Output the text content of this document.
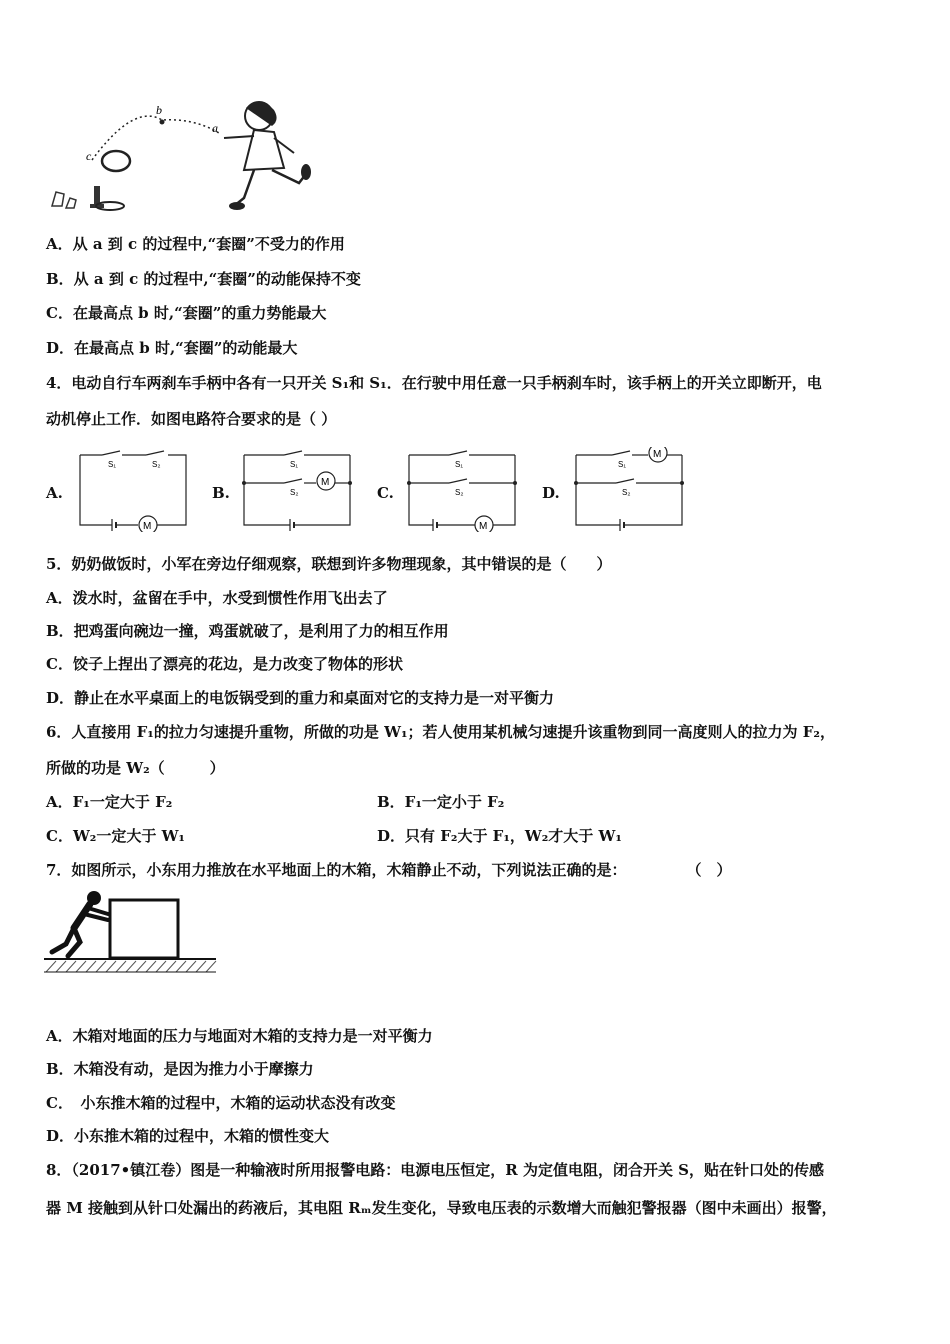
b
a
c
A．从 a 到 c 的过程中,“套圈”不受力的作用
B．从 a 到 c 的过程中,“套圈”的动能保持不变
C．在最高点 b 时,“套圈”的重力势能最大
D．在最高点 b 时,“套圈”的动能最大
4．电动自行车两刹车手柄中各有一只开关 S₁和 S₁．在行驶中用任意一只手柄刹车时，该手柄上的开关立即断开，电
动机停止工作．如图电路符合要求的是（ ）
A.
M
S₁	S₂
B.
M
S₁
S₂	C.
M
S₁
S₂	D.
M
S₁
S₂
5．奶奶做饭时，小军在旁边仔细观察，联想到许多物理现象，其中错误的是（　　）
A．泼水时，盆留在手中，水受到惯性作用飞出去了
B．把鸡蛋向碗边一撞，鸡蛋就破了，是利用了力的相互作用
C．饺子上捏出了漂亮的花边，是力改变了物体的形状
D．静止在水平桌面上的电饭锅受到的重力和桌面对它的支持力是一对平衡力
6．人直接用 F₁的拉力匀速提升重物，所做的功是 W₁；若人使用某机械匀速提升该重物到同一高度则人的拉力为 F₂，
所做的功是 W₂（　　　）
A．F₁一定大于 F₂	B．F₁一定小于 F₂
C．W₂一定大于 W₁	D．只有 F₂大于 F₁，W₂才大于 W₁
7．如图所示，小东用力推放在水平地面上的木箱，木箱静止不动，下列说法正确的是：　　　　　（　）
A．木箱对地面的压力与地面对木箱的支持力是一对平衡力
B．木箱没有动，是因为推力小于摩擦力
C．　小东推木箱的过程中，木箱的运动状态没有改变
D．小东推木箱的过程中，木箱的惯性变大
8．（2017•镇江卷）图是一种输液时所用报警电路：电源电压恒定，R 为定值电阻，闭合开关 S，贴在针口处的传感
器 M 接触到从针口处漏出的药液后，其电阻 Rₘ发生变化，导致电压表的示数增大而触犯警报器（图中未画出）报警，
